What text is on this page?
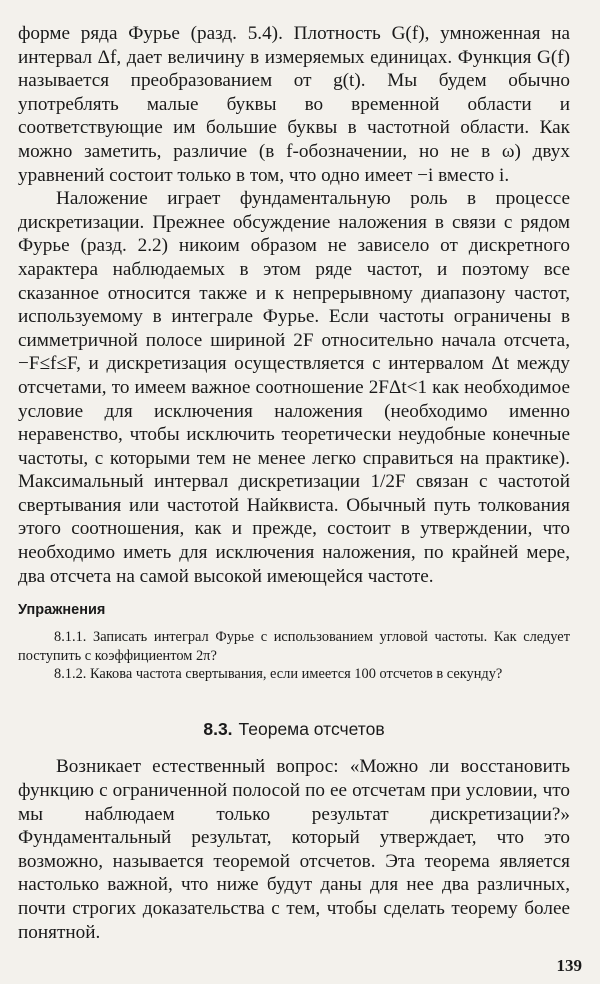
форме ряда Фурье (разд. 5.4). Плотность G(f), умноженная на интервал Δf, дает величину в измеряемых единицах. Функция G(f) называется преобразованием от g(t). Мы будем обычно употреблять малые буквы во временной области и соответствующие им большие буквы в частотной области. Как можно заметить, различие (в f-обозначении, но не в ω) двух уравнений состоит только в том, что одно имеет −i вместо i.

Наложение играет фундаментальную роль в процессе дискретизации. Прежнее обсуждение наложения в связи с рядом Фурье (разд. 2.2) никоим образом не зависело от дискретного характера наблюдаемых в этом ряде частот, и поэтому все сказанное относится также и к непрерывному диапазону частот, используемому в интеграле Фурье. Если частоты ограничены в симметричной полосе шириной 2F относительно начала отсчета, −F≤f≤F, и дискретизация осуществляется с интервалом Δt между отсчетами, то имеем важное соотношение 2FΔt<1 как необходимое условие для исключения наложения (необходимо именно неравенство, чтобы исключить теоретически неудобные конечные частоты, с которыми тем не менее легко справиться на практике). Максимальный интервал дискретизации 1/2F связан с частотой свертывания или частотой Найквиста. Обычный путь толкования этого соотношения, как и прежде, состоит в утверждении, что необходимо иметь для исключения наложения, по крайней мере, два отсчета на самой высокой имеющейся частоте.

Упражнения

8.1.1. Записать интеграл Фурье с использованием угловой частоты. Как следует поступить с коэффициентом 2π?

8.1.2. Какова частота свертывания, если имеется 100 отсчетов в секунду?

8.3. Теорема отсчетов

Возникает естественный вопрос: «Можно ли восстановить функцию с ограниченной полосой по ее отсчетам при условии, что мы наблюдаем только результат дискретизации?» Фундаментальный результат, который утверждает, что это возможно, называется теоремой отсчетов. Эта теорема является настолько важной, что ниже будут даны для нее два различных, почти строгих доказательства с тем, чтобы сделать теорему более понятной.

139
